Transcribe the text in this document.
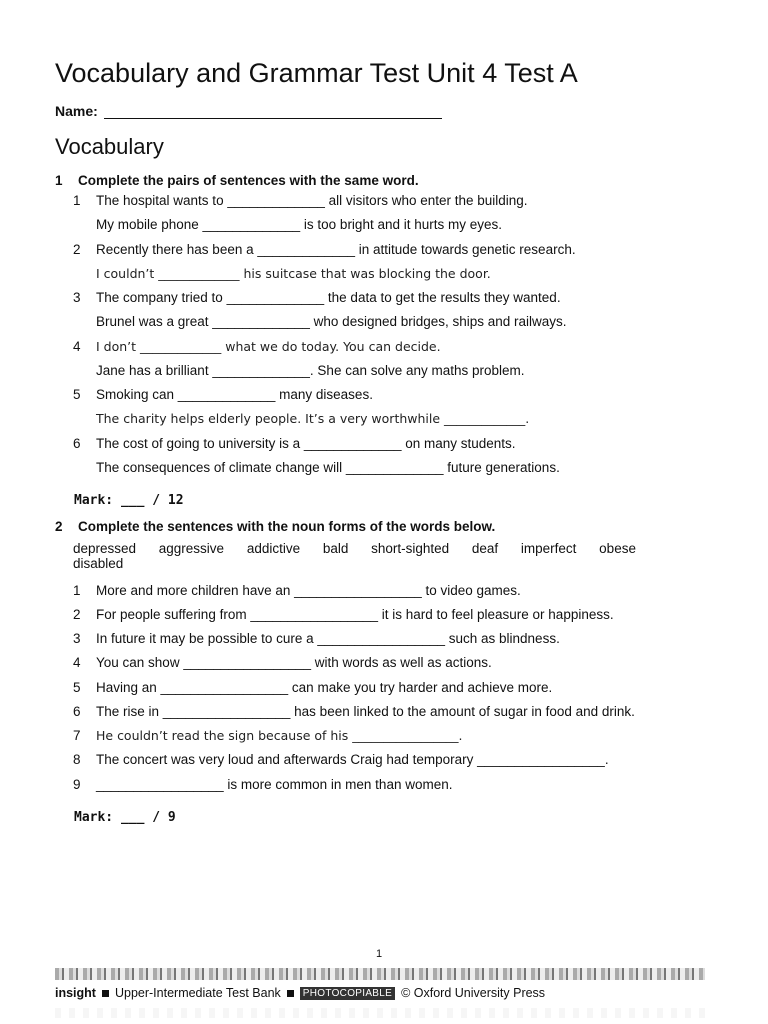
Vocabulary and Grammar Test Unit 4 Test A
Name:
Vocabulary
1 Complete the pairs of sentences with the same word.
1 The hospital wants to _____________ all visitors who enter the building.
My mobile phone _____________ is too bright and it hurts my eyes.
2 Recently there has been a _____________ in attitude towards genetic research.
I couldn’t _____________ his suitcase that was blocking the door.
3 The company tried to _____________ the data to get the results they wanted.
Brunel was a great _____________ who designed bridges, ships and railways.
4 I don’t _____________ what we do today. You can decide.
Jane has a brilliant _____________. She can solve any maths problem.
5 Smoking can _____________ many diseases.
The charity helps elderly people. It’s a very worthwhile _____________.
6 The cost of going to university is a _____________ on many students.
The consequences of climate change will _____________ future generations.
Mark: ___ / 12
2 Complete the sentences with the noun forms of the words below.
depressed aggressive addictive bald short-sighted deaf imperfect obese
disabled
1 More and more children have an _________________ to video games.
2 For people suffering from _________________ it is hard to feel pleasure or happiness.
3 In future it may be possible to cure a _________________ such as blindness.
4 You can show _________________ with words as well as actions.
5 Having an _________________ can make you try harder and achieve more.
6 The rise in _________________ has been linked to the amount of sugar in food and drink.
7 He couldn’t read the sign because of his _________________.
8 The concert was very loud and afterwards Craig had temporary _________________.
9 _________________ is more common in men than women.
Mark: ___ / 9
1
insight Upper-Intermediate Test Bank	PHOTOCOPIABLE © Oxford University Press
